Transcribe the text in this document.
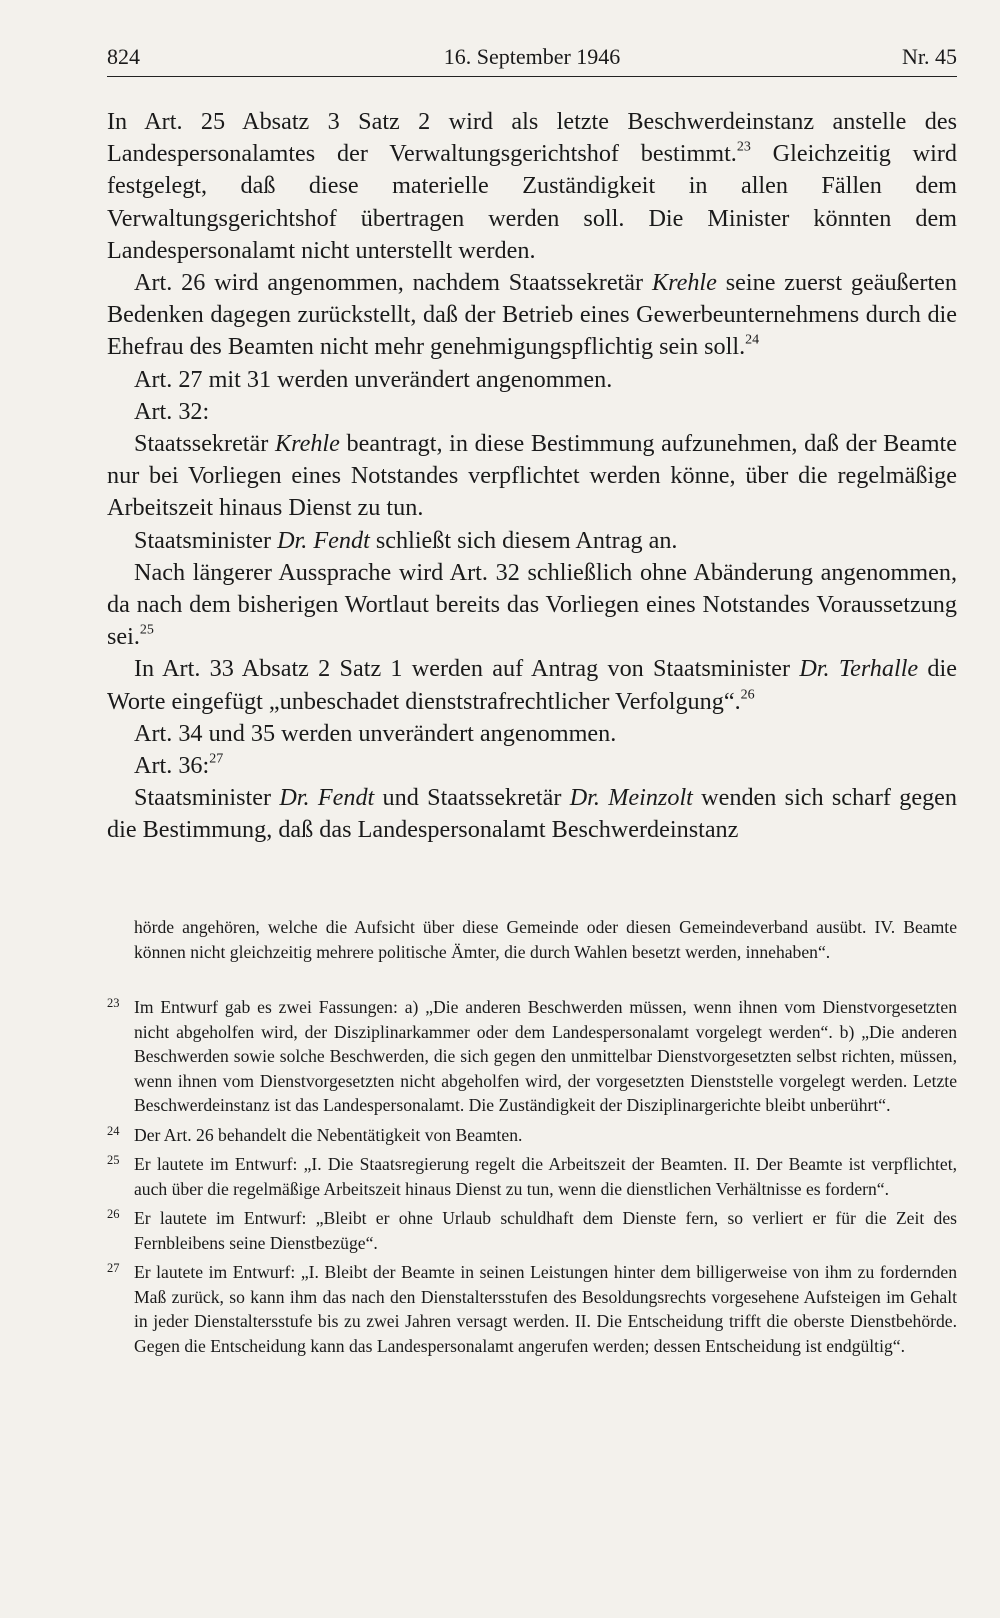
824	16. September 1946	Nr. 45

In Art. 25 Absatz 3 Satz 2 wird als letzte Beschwerdeinstanz anstelle des Landespersonalamtes der Verwaltungsgerichtshof bestimmt.$^{23}$ Gleichzeitig wird festgelegt, daß diese materielle Zuständigkeit in allen Fällen dem Verwaltungsgerichtshof übertragen werden soll. Die Minister könnten dem Landespersonalamt nicht unterstellt werden.

Art. 26 wird angenommen, nachdem Staatssekretär Krehle seine zuerst geäußerten Bedenken dagegen zurückstellt, daß der Betrieb eines Gewerbeunternehmens durch die Ehefrau des Beamten nicht mehr genehmigungspflichtig sein soll.$^{24}$

Art. 27 mit 31 werden unverändert angenommen.

Art. 32:

Staatssekretär Krehle beantragt, in diese Bestimmung aufzunehmen, daß der Beamte nur bei Vorliegen eines Notstandes verpflichtet werden könne, über die regelmäßige Arbeitszeit hinaus Dienst zu tun.

Staatsminister Dr. Fendt schließt sich diesem Antrag an.

Nach längerer Aussprache wird Art. 32 schließlich ohne Abänderung angenommen, da nach dem bisherigen Wortlaut bereits das Vorliegen eines Notstandes Voraussetzung sei.$^{25}$

In Art. 33 Absatz 2 Satz 1 werden auf Antrag von Staatsminister Dr. Terhalle die Worte eingefügt „unbeschadet dienststrafrechtlicher Verfolgung“.$^{26}$

Art. 34 und 35 werden unverändert angenommen.

Art. 36:$^{27}$

Staatsminister Dr. Fendt und Staatssekretär Dr. Meinzolt wenden sich scharf gegen die Bestimmung, daß das Landespersonalamt Beschwerdeinstanz

hörde angehören, welche die Aufsicht über diese Gemeinde oder diesen Gemeindeverband ausübt. IV. Beamte können nicht gleichzeitig mehrere politische Ämter, die durch Wahlen besetzt werden, innehaben“.
23 Im Entwurf gab es zwei Fassungen: a) „Die anderen Beschwerden müssen, wenn ihnen vom Dienstvorgesetzten nicht abgeholfen wird, der Disziplinarkammer oder dem Landespersonalamt vorgelegt werden“. b) „Die anderen Beschwerden sowie solche Beschwerden, die sich gegen den unmittelbar Dienstvorgesetzten selbst richten, müssen, wenn ihnen vom Dienstvorgesetzten nicht abgeholfen wird, der vorgesetzten Dienststelle vorgelegt werden. Letzte Beschwerdeinstanz ist das Landespersonalamt. Die Zuständigkeit der Disziplinargerichte bleibt unberührt“.
24 Der Art. 26 behandelt die Nebentätigkeit von Beamten.
25 Er lautete im Entwurf: „I. Die Staatsregierung regelt die Arbeitszeit der Beamten. II. Der Beamte ist verpflichtet, auch über die regelmäßige Arbeitszeit hinaus Dienst zu tun, wenn die dienstlichen Verhältnisse es fordern“.
26 Er lautete im Entwurf: „Bleibt er ohne Urlaub schuldhaft dem Dienste fern, so verliert er für die Zeit des Fernbleibens seine Dienstbezüge“.
27 Er lautete im Entwurf: „I. Bleibt der Beamte in seinen Leistungen hinter dem billigerweise von ihm zu fordernden Maß zurück, so kann ihm das nach den Dienstaltersstufen des Besoldungsrechts vorgesehene Aufsteigen im Gehalt in jeder Dienstaltersstufe bis zu zwei Jahren versagt werden. II. Die Entscheidung trifft die oberste Dienstbehörde. Gegen die Entscheidung kann das Landespersonalamt angerufen werden; dessen Entscheidung ist endgültig“.
